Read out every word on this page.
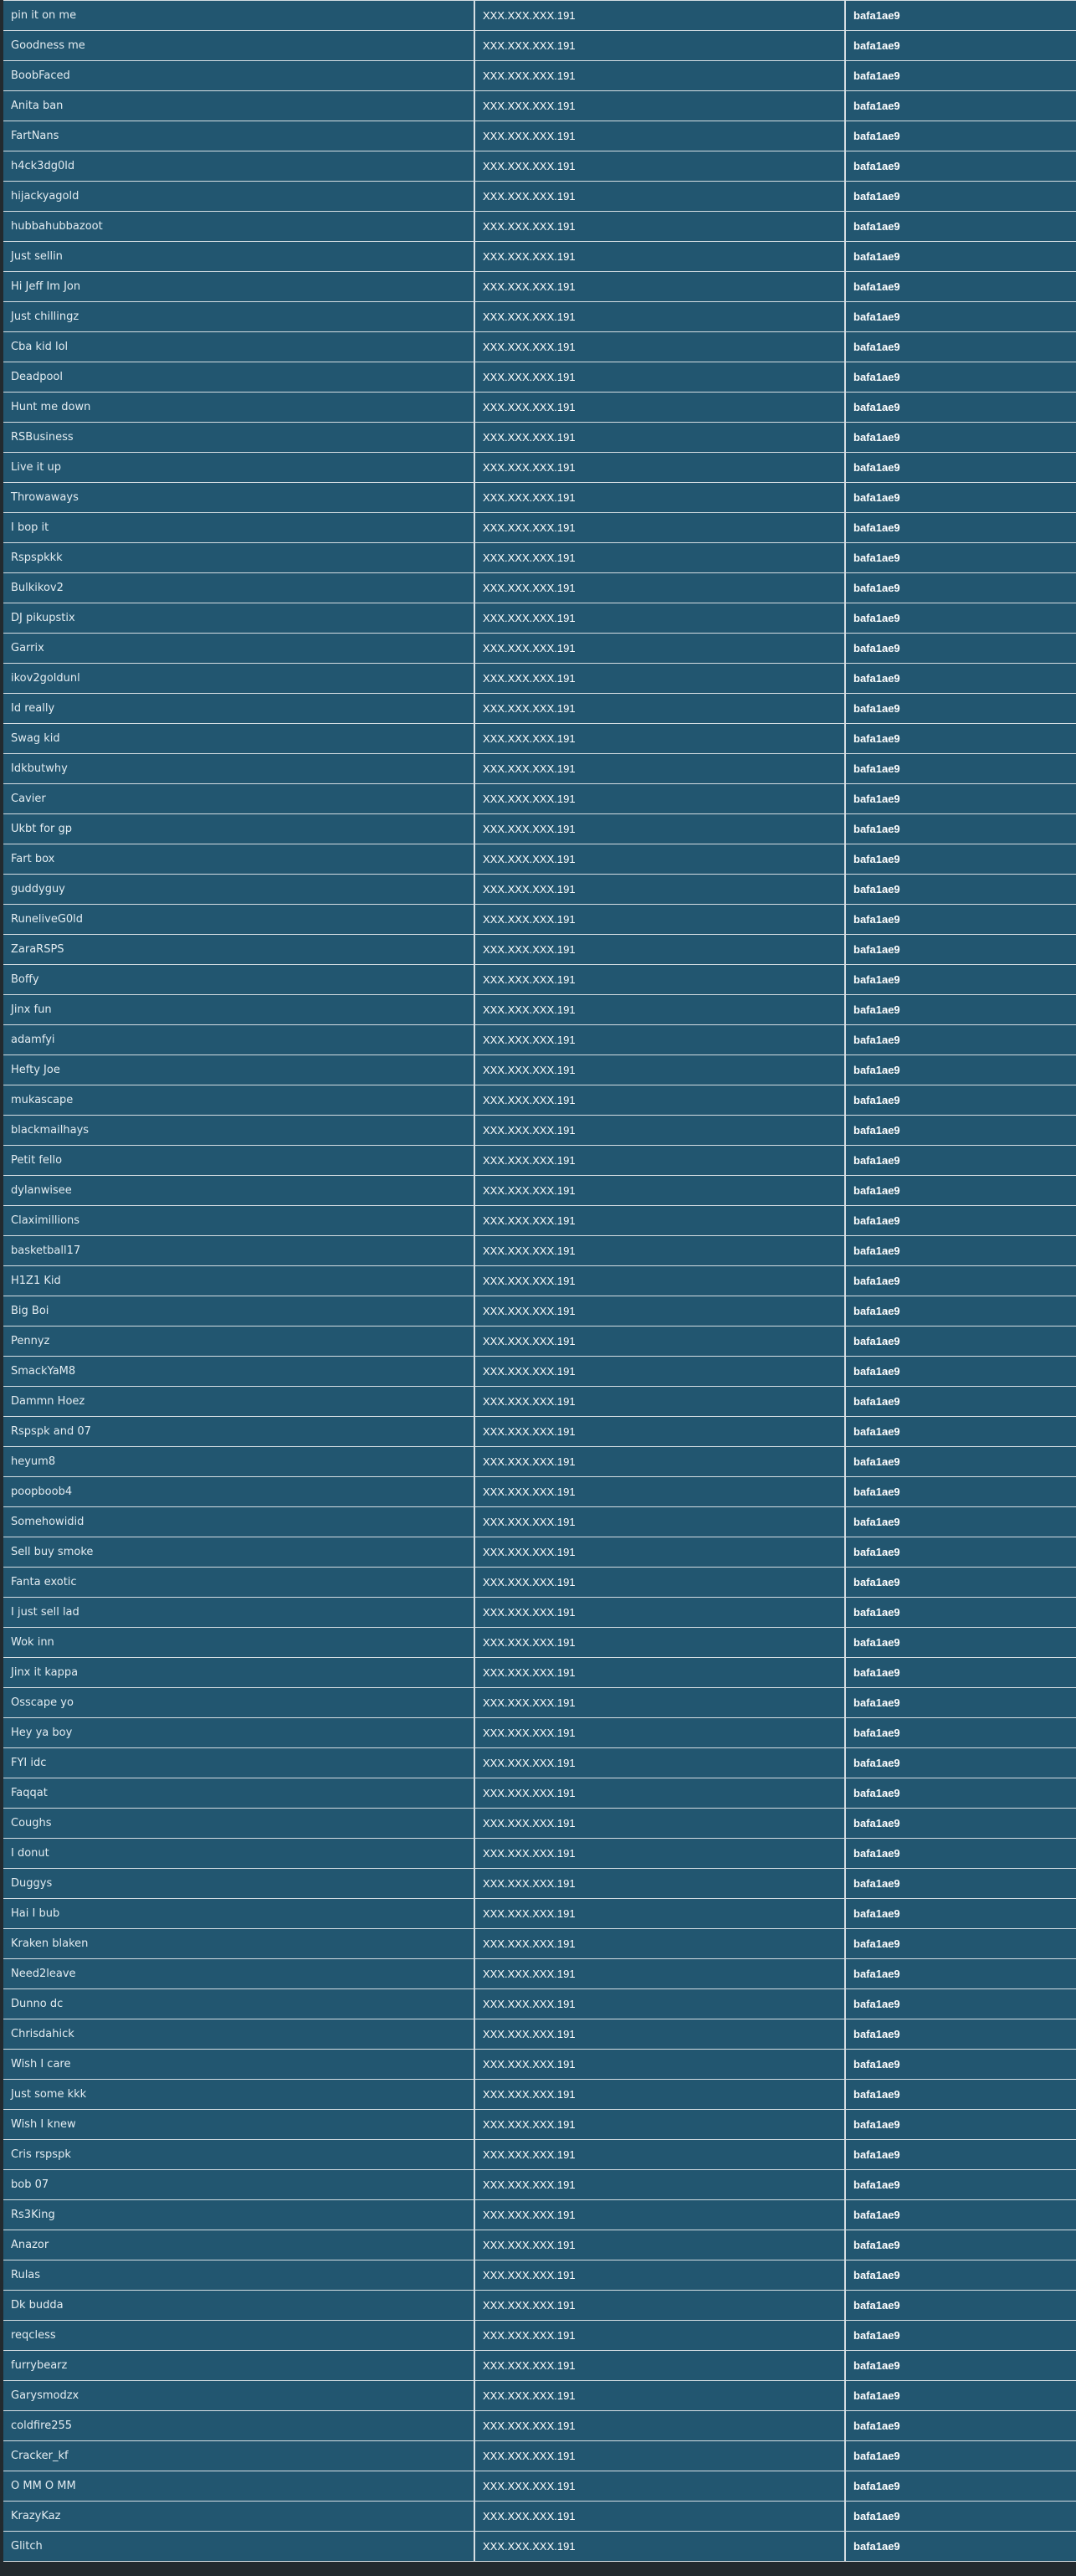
pin it on me	XXX.XXX.XXX.191	bafa1ae9
Goodness me	XXX.XXX.XXX.191	bafa1ae9
BoobFaced	XXX.XXX.XXX.191	bafa1ae9
Anita ban	XXX.XXX.XXX.191	bafa1ae9
FartNans	XXX.XXX.XXX.191	bafa1ae9
h4ck3dg0ld	XXX.XXX.XXX.191	bafa1ae9
hijackyagold	XXX.XXX.XXX.191	bafa1ae9
hubbahubbazoot	XXX.XXX.XXX.191	bafa1ae9
Just sellin	XXX.XXX.XXX.191	bafa1ae9
Hi Jeff Im Jon	XXX.XXX.XXX.191	bafa1ae9
Just chillingz	XXX.XXX.XXX.191	bafa1ae9
Cba kid lol	XXX.XXX.XXX.191	bafa1ae9
Deadpool	XXX.XXX.XXX.191	bafa1ae9
Hunt me down	XXX.XXX.XXX.191	bafa1ae9
RSBusiness	XXX.XXX.XXX.191	bafa1ae9
Live it up	XXX.XXX.XXX.191	bafa1ae9
Throwaways	XXX.XXX.XXX.191	bafa1ae9
I bop it	XXX.XXX.XXX.191	bafa1ae9
Rspspkkk	XXX.XXX.XXX.191	bafa1ae9
Bulkikov2	XXX.XXX.XXX.191	bafa1ae9
DJ pikupstix	XXX.XXX.XXX.191	bafa1ae9
Garrix	XXX.XXX.XXX.191	bafa1ae9
ikov2goldunl	XXX.XXX.XXX.191	bafa1ae9
Id really	XXX.XXX.XXX.191	bafa1ae9
Swag kid	XXX.XXX.XXX.191	bafa1ae9
Idkbutwhy	XXX.XXX.XXX.191	bafa1ae9
Cavier	XXX.XXX.XXX.191	bafa1ae9
Ukbt for gp	XXX.XXX.XXX.191	bafa1ae9
Fart box	XXX.XXX.XXX.191	bafa1ae9
guddyguy	XXX.XXX.XXX.191	bafa1ae9
RuneliveG0ld	XXX.XXX.XXX.191	bafa1ae9
ZaraRSPS	XXX.XXX.XXX.191	bafa1ae9
Boffy	XXX.XXX.XXX.191	bafa1ae9
Jinx fun	XXX.XXX.XXX.191	bafa1ae9
adamfyi	XXX.XXX.XXX.191	bafa1ae9
Hefty Joe	XXX.XXX.XXX.191	bafa1ae9
mukascape	XXX.XXX.XXX.191	bafa1ae9
blackmailhays	XXX.XXX.XXX.191	bafa1ae9
Petit fello	XXX.XXX.XXX.191	bafa1ae9
dylanwisee	XXX.XXX.XXX.191	bafa1ae9
Claximillions	XXX.XXX.XXX.191	bafa1ae9
basketball17	XXX.XXX.XXX.191	bafa1ae9
H1Z1 Kid	XXX.XXX.XXX.191	bafa1ae9
Big Boi	XXX.XXX.XXX.191	bafa1ae9
Pennyz	XXX.XXX.XXX.191	bafa1ae9
SmackYaM8	XXX.XXX.XXX.191	bafa1ae9
Dammn Hoez	XXX.XXX.XXX.191	bafa1ae9
Rspspk and 07	XXX.XXX.XXX.191	bafa1ae9
heyum8	XXX.XXX.XXX.191	bafa1ae9
poopboob4	XXX.XXX.XXX.191	bafa1ae9
Somehowidid	XXX.XXX.XXX.191	bafa1ae9
Sell buy smoke	XXX.XXX.XXX.191	bafa1ae9
Fanta exotic	XXX.XXX.XXX.191	bafa1ae9
I just sell lad	XXX.XXX.XXX.191	bafa1ae9
Wok inn	XXX.XXX.XXX.191	bafa1ae9
Jinx it kappa	XXX.XXX.XXX.191	bafa1ae9
Osscape yo	XXX.XXX.XXX.191	bafa1ae9
Hey ya boy	XXX.XXX.XXX.191	bafa1ae9
FYI idc	XXX.XXX.XXX.191	bafa1ae9
Faqqat	XXX.XXX.XXX.191	bafa1ae9
Coughs	XXX.XXX.XXX.191	bafa1ae9
I donut	XXX.XXX.XXX.191	bafa1ae9
Duggys	XXX.XXX.XXX.191	bafa1ae9
Hai I bub	XXX.XXX.XXX.191	bafa1ae9
Kraken blaken	XXX.XXX.XXX.191	bafa1ae9
Need2leave	XXX.XXX.XXX.191	bafa1ae9
Dunno dc	XXX.XXX.XXX.191	bafa1ae9
Chrisdahick	XXX.XXX.XXX.191	bafa1ae9
Wish I care	XXX.XXX.XXX.191	bafa1ae9
Just some kkk	XXX.XXX.XXX.191	bafa1ae9
Wish I knew	XXX.XXX.XXX.191	bafa1ae9
Cris rspspk	XXX.XXX.XXX.191	bafa1ae9
bob 07	XXX.XXX.XXX.191	bafa1ae9
Rs3King	XXX.XXX.XXX.191	bafa1ae9
Anazor	XXX.XXX.XXX.191	bafa1ae9
Rulas	XXX.XXX.XXX.191	bafa1ae9
Dk budda	XXX.XXX.XXX.191	bafa1ae9
reqcless	XXX.XXX.XXX.191	bafa1ae9
furrybearz	XXX.XXX.XXX.191	bafa1ae9
Garysmodzx	XXX.XXX.XXX.191	bafa1ae9
coldfire255	XXX.XXX.XXX.191	bafa1ae9
Cracker_kf	XXX.XXX.XXX.191	bafa1ae9
O MM O MM	XXX.XXX.XXX.191	bafa1ae9
KrazyKaz	XXX.XXX.XXX.191	bafa1ae9
Glitch	XXX.XXX.XXX.191	bafa1ae9
